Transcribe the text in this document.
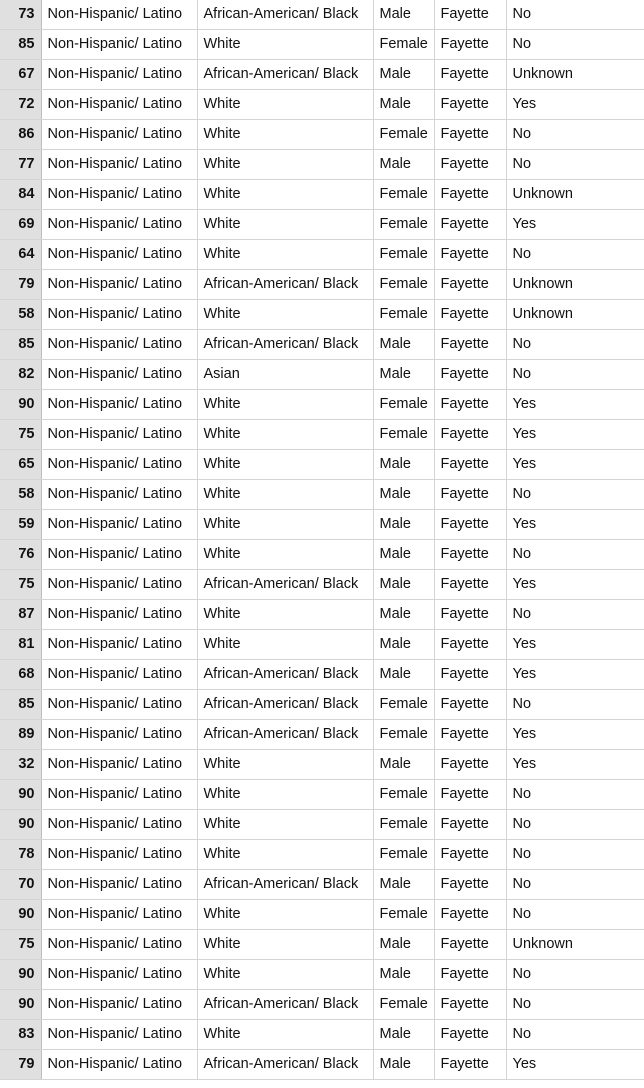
73	Non-Hispanic/ Latino	African-American/ Black	Male	Fayette	No
85	Non-Hispanic/ Latino	White	Female	Fayette	No
67	Non-Hispanic/ Latino	African-American/ Black	Male	Fayette	Unknown
72	Non-Hispanic/ Latino	White	Male	Fayette	Yes
86	Non-Hispanic/ Latino	White	Female	Fayette	No
77	Non-Hispanic/ Latino	White	Male	Fayette	No
84	Non-Hispanic/ Latino	White	Female	Fayette	Unknown
69	Non-Hispanic/ Latino	White	Female	Fayette	Yes
64	Non-Hispanic/ Latino	White	Female	Fayette	No
79	Non-Hispanic/ Latino	African-American/ Black	Female	Fayette	Unknown
58	Non-Hispanic/ Latino	White	Female	Fayette	Unknown
85	Non-Hispanic/ Latino	African-American/ Black	Male	Fayette	No
82	Non-Hispanic/ Latino	Asian	Male	Fayette	No
90	Non-Hispanic/ Latino	White	Female	Fayette	Yes
75	Non-Hispanic/ Latino	White	Female	Fayette	Yes
65	Non-Hispanic/ Latino	White	Male	Fayette	Yes
58	Non-Hispanic/ Latino	White	Male	Fayette	No
59	Non-Hispanic/ Latino	White	Male	Fayette	Yes
76	Non-Hispanic/ Latino	White	Male	Fayette	No
75	Non-Hispanic/ Latino	African-American/ Black	Male	Fayette	Yes
87	Non-Hispanic/ Latino	White	Male	Fayette	No
81	Non-Hispanic/ Latino	White	Male	Fayette	Yes
68	Non-Hispanic/ Latino	African-American/ Black	Male	Fayette	Yes
85	Non-Hispanic/ Latino	African-American/ Black	Female	Fayette	No
89	Non-Hispanic/ Latino	African-American/ Black	Female	Fayette	Yes
32	Non-Hispanic/ Latino	White	Male	Fayette	Yes
90	Non-Hispanic/ Latino	White	Female	Fayette	No
90	Non-Hispanic/ Latino	White	Female	Fayette	No
78	Non-Hispanic/ Latino	White	Female	Fayette	No
70	Non-Hispanic/ Latino	African-American/ Black	Male	Fayette	No
90	Non-Hispanic/ Latino	White	Female	Fayette	No
75	Non-Hispanic/ Latino	White	Male	Fayette	Unknown
90	Non-Hispanic/ Latino	White	Male	Fayette	No
90	Non-Hispanic/ Latino	African-American/ Black	Female	Fayette	No
83	Non-Hispanic/ Latino	White	Male	Fayette	No
79	Non-Hispanic/ Latino	African-American/ Black	Male	Fayette	Yes
